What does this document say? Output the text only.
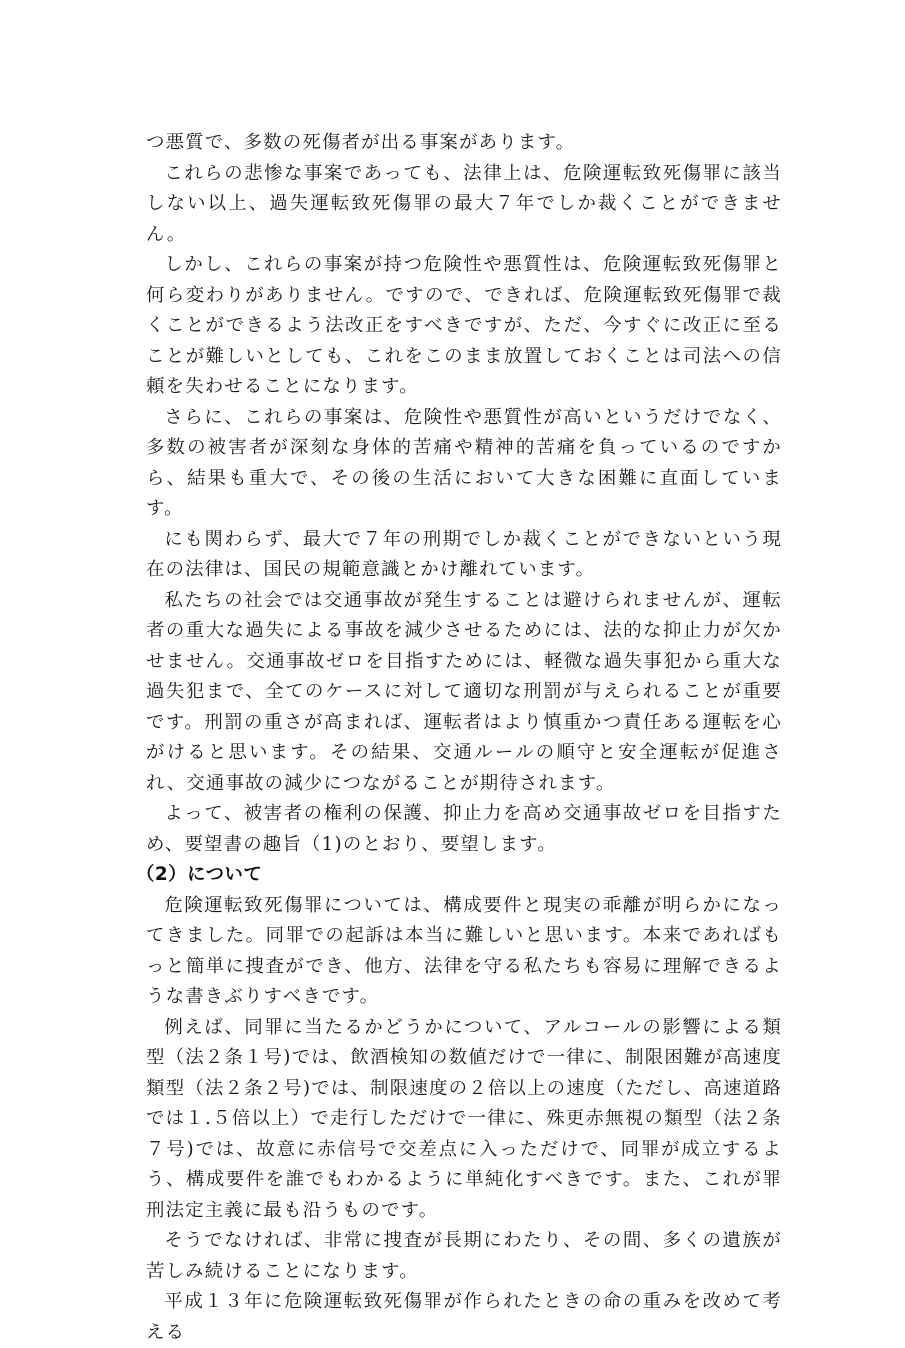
つ悪質で、多数の死傷者が出る事案があります。

これらの悲惨な事案であっても、法律上は、危険運転致死傷罪に該当しない以上、過失運転致死傷罪の最大７年でしか裁くことができません。

しかし、これらの事案が持つ危険性や悪質性は、危険運転致死傷罪と何ら変わりがありません。ですので、できれば、危険運転致死傷罪で裁くことができるよう法改正をすべきですが、ただ、今すぐに改正に至ることが難しいとしても、これをこのまま放置しておくことは司法への信頼を失わせることになります。

さらに、これらの事案は、危険性や悪質性が高いというだけでなく、多数の被害者が深刻な身体的苦痛や精神的苦痛を負っているのですから、結果も重大で、その後の生活において大きな困難に直面しています。

にも関わらず、最大で７年の刑期でしか裁くことができないという現在の法律は、国民の規範意識とかけ離れています。

私たちの社会では交通事故が発生することは避けられませんが、運転者の重大な過失による事故を減少させるためには、法的な抑止力が欠かせません。交通事故ゼロを目指すためには、軽微な過失事犯から重大な過失犯まで、全てのケースに対して適切な刑罰が与えられることが重要です。刑罰の重さが高まれば、運転者はより慎重かつ責任ある運転を心がけると思います。その結果、交通ルールの順守と安全運転が促進され、交通事故の減少につながることが期待されます。

よって、被害者の権利の保護、抑止力を高め交通事故ゼロを目指すため、要望書の趣旨（1)のとおり、要望します。

（2）について

危険運転致死傷罪については、構成要件と現実の乖離が明らかになってきました。同罪での起訴は本当に難しいと思います。本来であればもっと簡単に捜査ができ、他方、法律を守る私たちも容易に理解できるような書きぶりすべきです。

例えば、同罪に当たるかどうかについて、アルコールの影響による類型（法２条１号)では、飲酒検知の数値だけで一律に、制限困難が高速度類型（法２条２号)では、制限速度の２倍以上の速度（ただし、高速道路では１.５倍以上）で走行しただけで一律に、殊更赤無視の類型（法２条７号)では、故意に赤信号で交差点に入っただけで、同罪が成立するよう、構成要件を誰でもわかるように単純化すべきです。また、これが罪刑法定主義に最も沿うものです。

そうでなければ、非常に捜査が長期にわたり、その間、多くの遺族が苦しみ続けることになります。

平成１３年に危険運転致死傷罪が作られたときの命の重みを改めて考える
